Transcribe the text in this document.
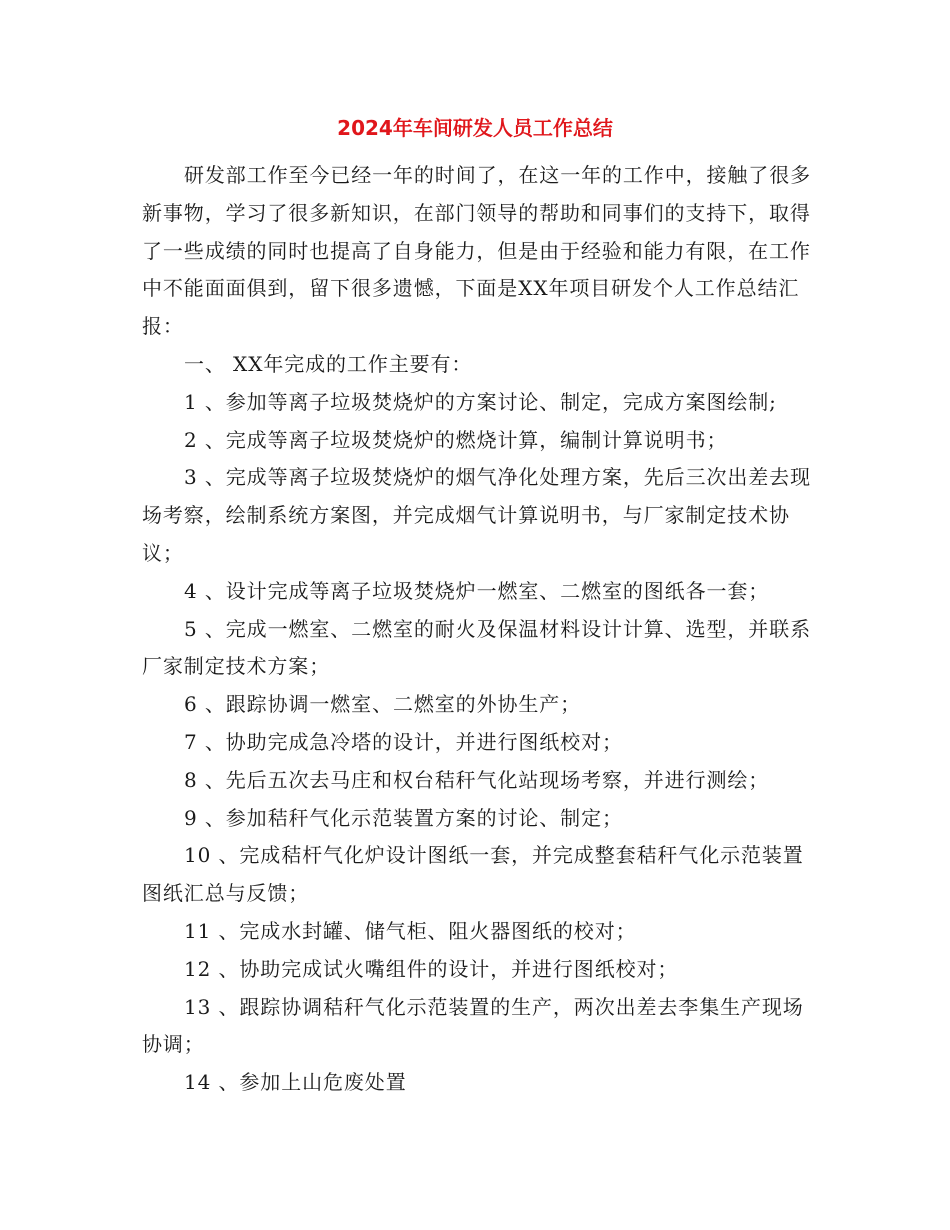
2024年车间研发人员工作总结

研发部工作至今已经一年的时间了，在这一年的工作中，接触了很多新事物，学习了很多新知识，在部门领导的帮助和同事们的支持下，取得了一些成绩的同时也提高了自身能力，但是由于经验和能力有限，在工作中不能面面俱到，留下很多遗憾，下面是XX年项目研发个人工作总结汇报：

一、 XX年完成的工作主要有：

1 、参加等离子垃圾焚烧炉的方案讨论、制定，完成方案图绘制;

2 、完成等离子垃圾焚烧炉的燃烧计算，编制计算说明书；

3 、完成等离子垃圾焚烧炉的烟气净化处理方案，先后三次出差去现场考察，绘制系统方案图，并完成烟气计算说明书，与厂家制定技术协议；

4 、设计完成等离子垃圾焚烧炉一燃室、二燃室的图纸各一套；

5 、完成一燃室、二燃室的耐火及保温材料设计计算、选型，并联系厂家制定技术方案；

6 、跟踪协调一燃室、二燃室的外协生产；

7 、协助完成急冷塔的设计，并进行图纸校对；

8 、先后五次去马庄和权台秸秆气化站现场考察，并进行测绘；

9 、参加秸秆气化示范装置方案的讨论、制定；

10 、完成秸杆气化炉设计图纸一套，并完成整套秸秆气化示范装置图纸汇总与反馈；

11 、完成水封罐、储气柜、阻火器图纸的校对；

12 、协助完成试火嘴组件的设计，并进行图纸校对；

13 、跟踪协调秸秆气化示范装置的生产，两次出差去李集生产现场协调；

14 、参加上山危废处置
